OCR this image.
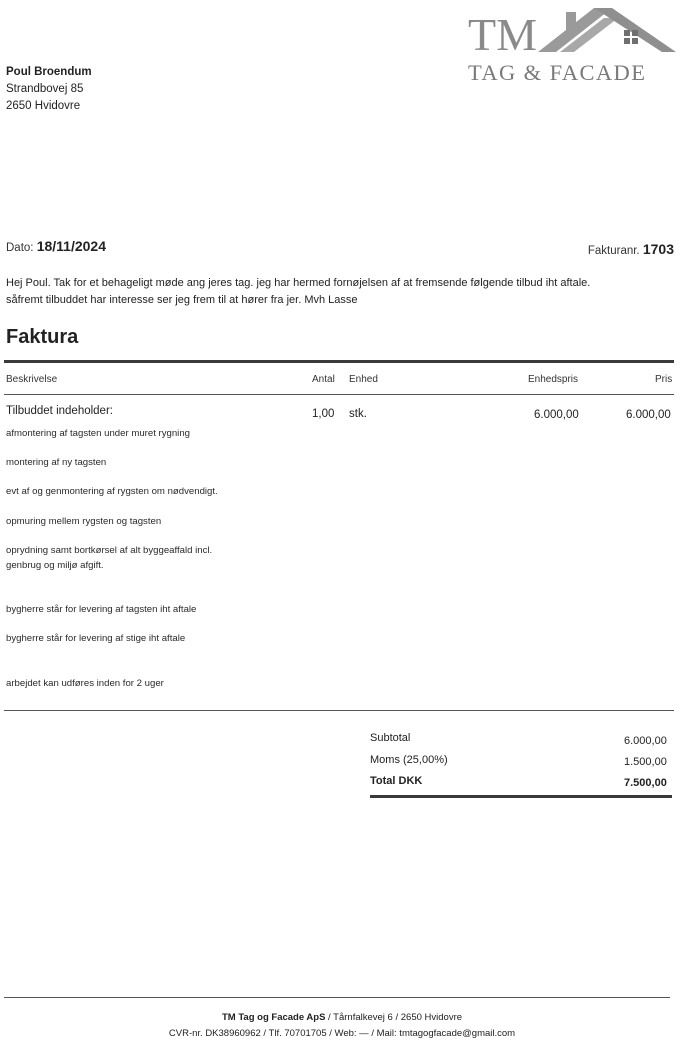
TM
TAG & FACADE
Poul Broendum
Strandbovej 85
2650 Hvidovre
Dato: 18/11/2024	Fakturanr. 1703
Hej Poul. Tak for et behageligt møde ang jeres tag. jeg har hermed fornøjelsen af at fremsende følgende tilbud iht aftale.
såfremt tilbuddet har interesse ser jeg frem til at hører fra jer. Mvh Lasse
Faktura
Beskrivelse	Antal Enhed	Enhedspris	Pris
Tilbuddet indeholder:	1,00 stk.	6.000,00	6.000,00
afmontering af tagsten under muret rygning
montering af ny tagsten
evt af og genmontering af rygsten om nødvendigt.
opmuring mellem rygsten og tagsten
oprydning samt bortkørsel af alt byggeaffald incl.
genbrug og miljø afgift.
bygherre står for levering af tagsten iht aftale
bygherre står for levering af stige iht aftale
arbejdet kan udføres inden for 2 uger
Subtotal	6.000,00
Moms (25,00%)	1.500,00
Total DKK	7.500,00
TM Tag og Facade ApS / Tårnfalkevej 6 / 2650 Hvidovre
CVR-nr. DK38960962 / Tlf. 70701705 / Web: — / Mail: tmtagogfacade@gmail.com
